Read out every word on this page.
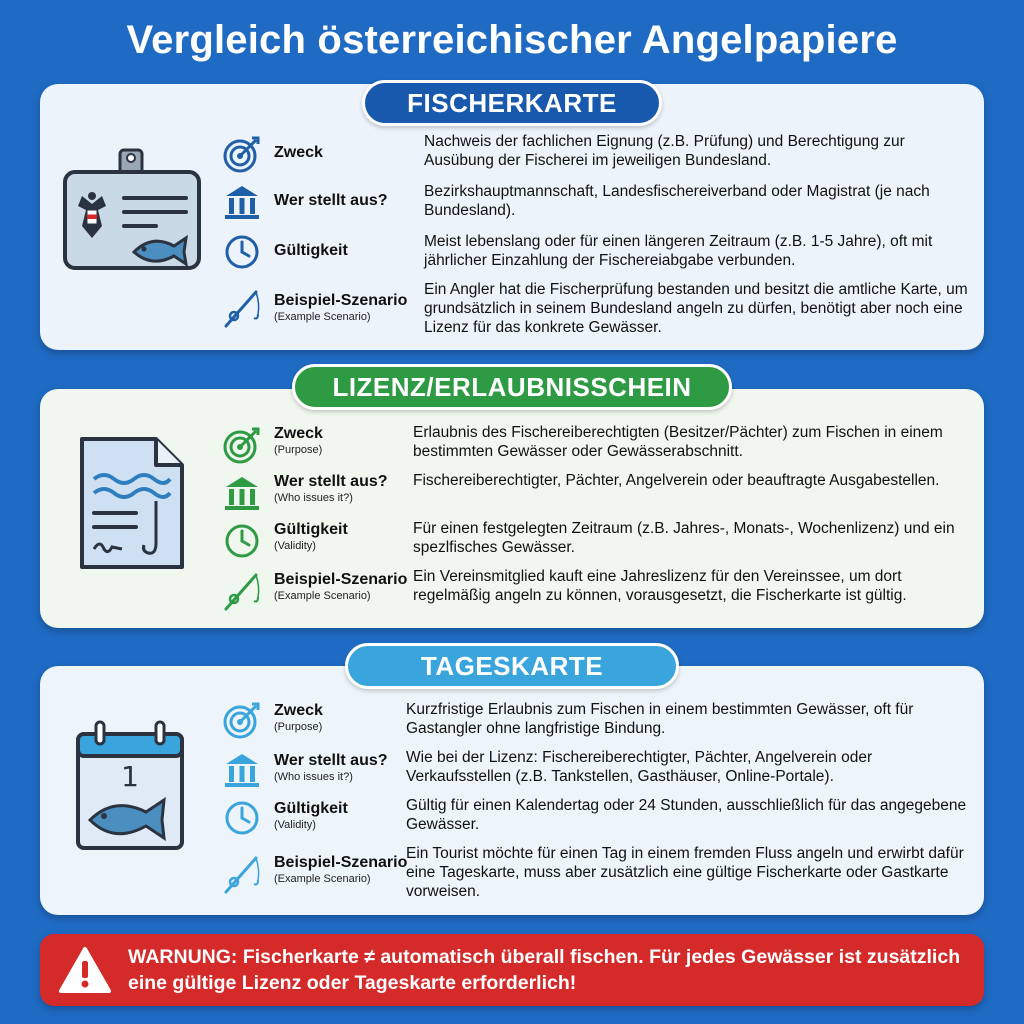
Vergleich österreichischer Angelpapiere
Zweck
Nachweis der fachlichen Eignung (z.B. Prüfung) und Berechtigung zur Ausübung der Fischerei im jeweiligen Bundesland.
Wer stellt aus?
Bezirkshauptmannschaft, Landesfischereiverband oder Magistrat (je nach Bundesland).
Gültigkeit
Meist lebenslang oder für einen längeren Zeitraum (z.B. 1-5 Jahre), oft mit jährlicher Einzahlung der Fischereiabgabe verbunden.
Beispiel-Szenario
(Example Scenario)
Ein Angler hat die Fischerprüfung bestanden und besitzt die amtliche Karte, um grundsätzlich in seinem Bundesland angeln zu dürfen, benötigt aber noch eine Lizenz für das konkrete Gewässer.
FISCHERKARTE
Zweck
(Purpose)
Erlaubnis des Fischereiberechtigten (Besitzer/Pächter) zum Fischen in einem bestimmten Gewässer oder Gewässerabschnitt.
Wer stellt aus?
(Who issues it?)
Fischereiberechtigter, Pächter, Angelverein oder beauftragte Ausgabestellen.
Gültigkeit
(Validity)
Für einen festgelegten Zeitraum (z.B. Jahres-, Monats-, Wochenlizenz) und ein spezlfisches Gewässer.
Beispiel-Szenario
(Example Scenario)
Ein Vereinsmitglied kauft eine Jahreslizenz für den Vereinssee, um dort regelmäßig angeln zu können, vorausgesetzt, die Fischerkarte ist gültig.
LIZENZ/ERLAUBNISSCHEIN
1
Zweck
(Purpose)
Kurzfristige Erlaubnis zum Fischen in einem bestimmten Gewässer, oft für Gastangler ohne langfristige Bindung.
Wer stellt aus?
(Who issues it?)
Wie bei der Lizenz: Fischereiberechtigter, Pächter, Angelverein oder Verkaufsstellen (z.B. Tankstellen, Gasthäuser, Online-Portale).
Gültigkeit
(Validity)
Gültig für einen Kalendertag oder 24 Stunden, ausschließlich für das angegebene Gewässer.
Beispiel-Szenario
(Example Scenario)
Ein Tourist möchte für einen Tag in einem fremden Fluss angeln und erwirbt dafür eine Tageskarte, muss aber zusätzlich eine gültige Fischerkarte oder Gastkarte vorweisen.
TAGESKARTE
WARNUNG: Fischerkarte ≠ automatisch überall fischen. Für jedes Gewässer ist zusätzlich eine gültige Lizenz oder Tageskarte erforderlich!
